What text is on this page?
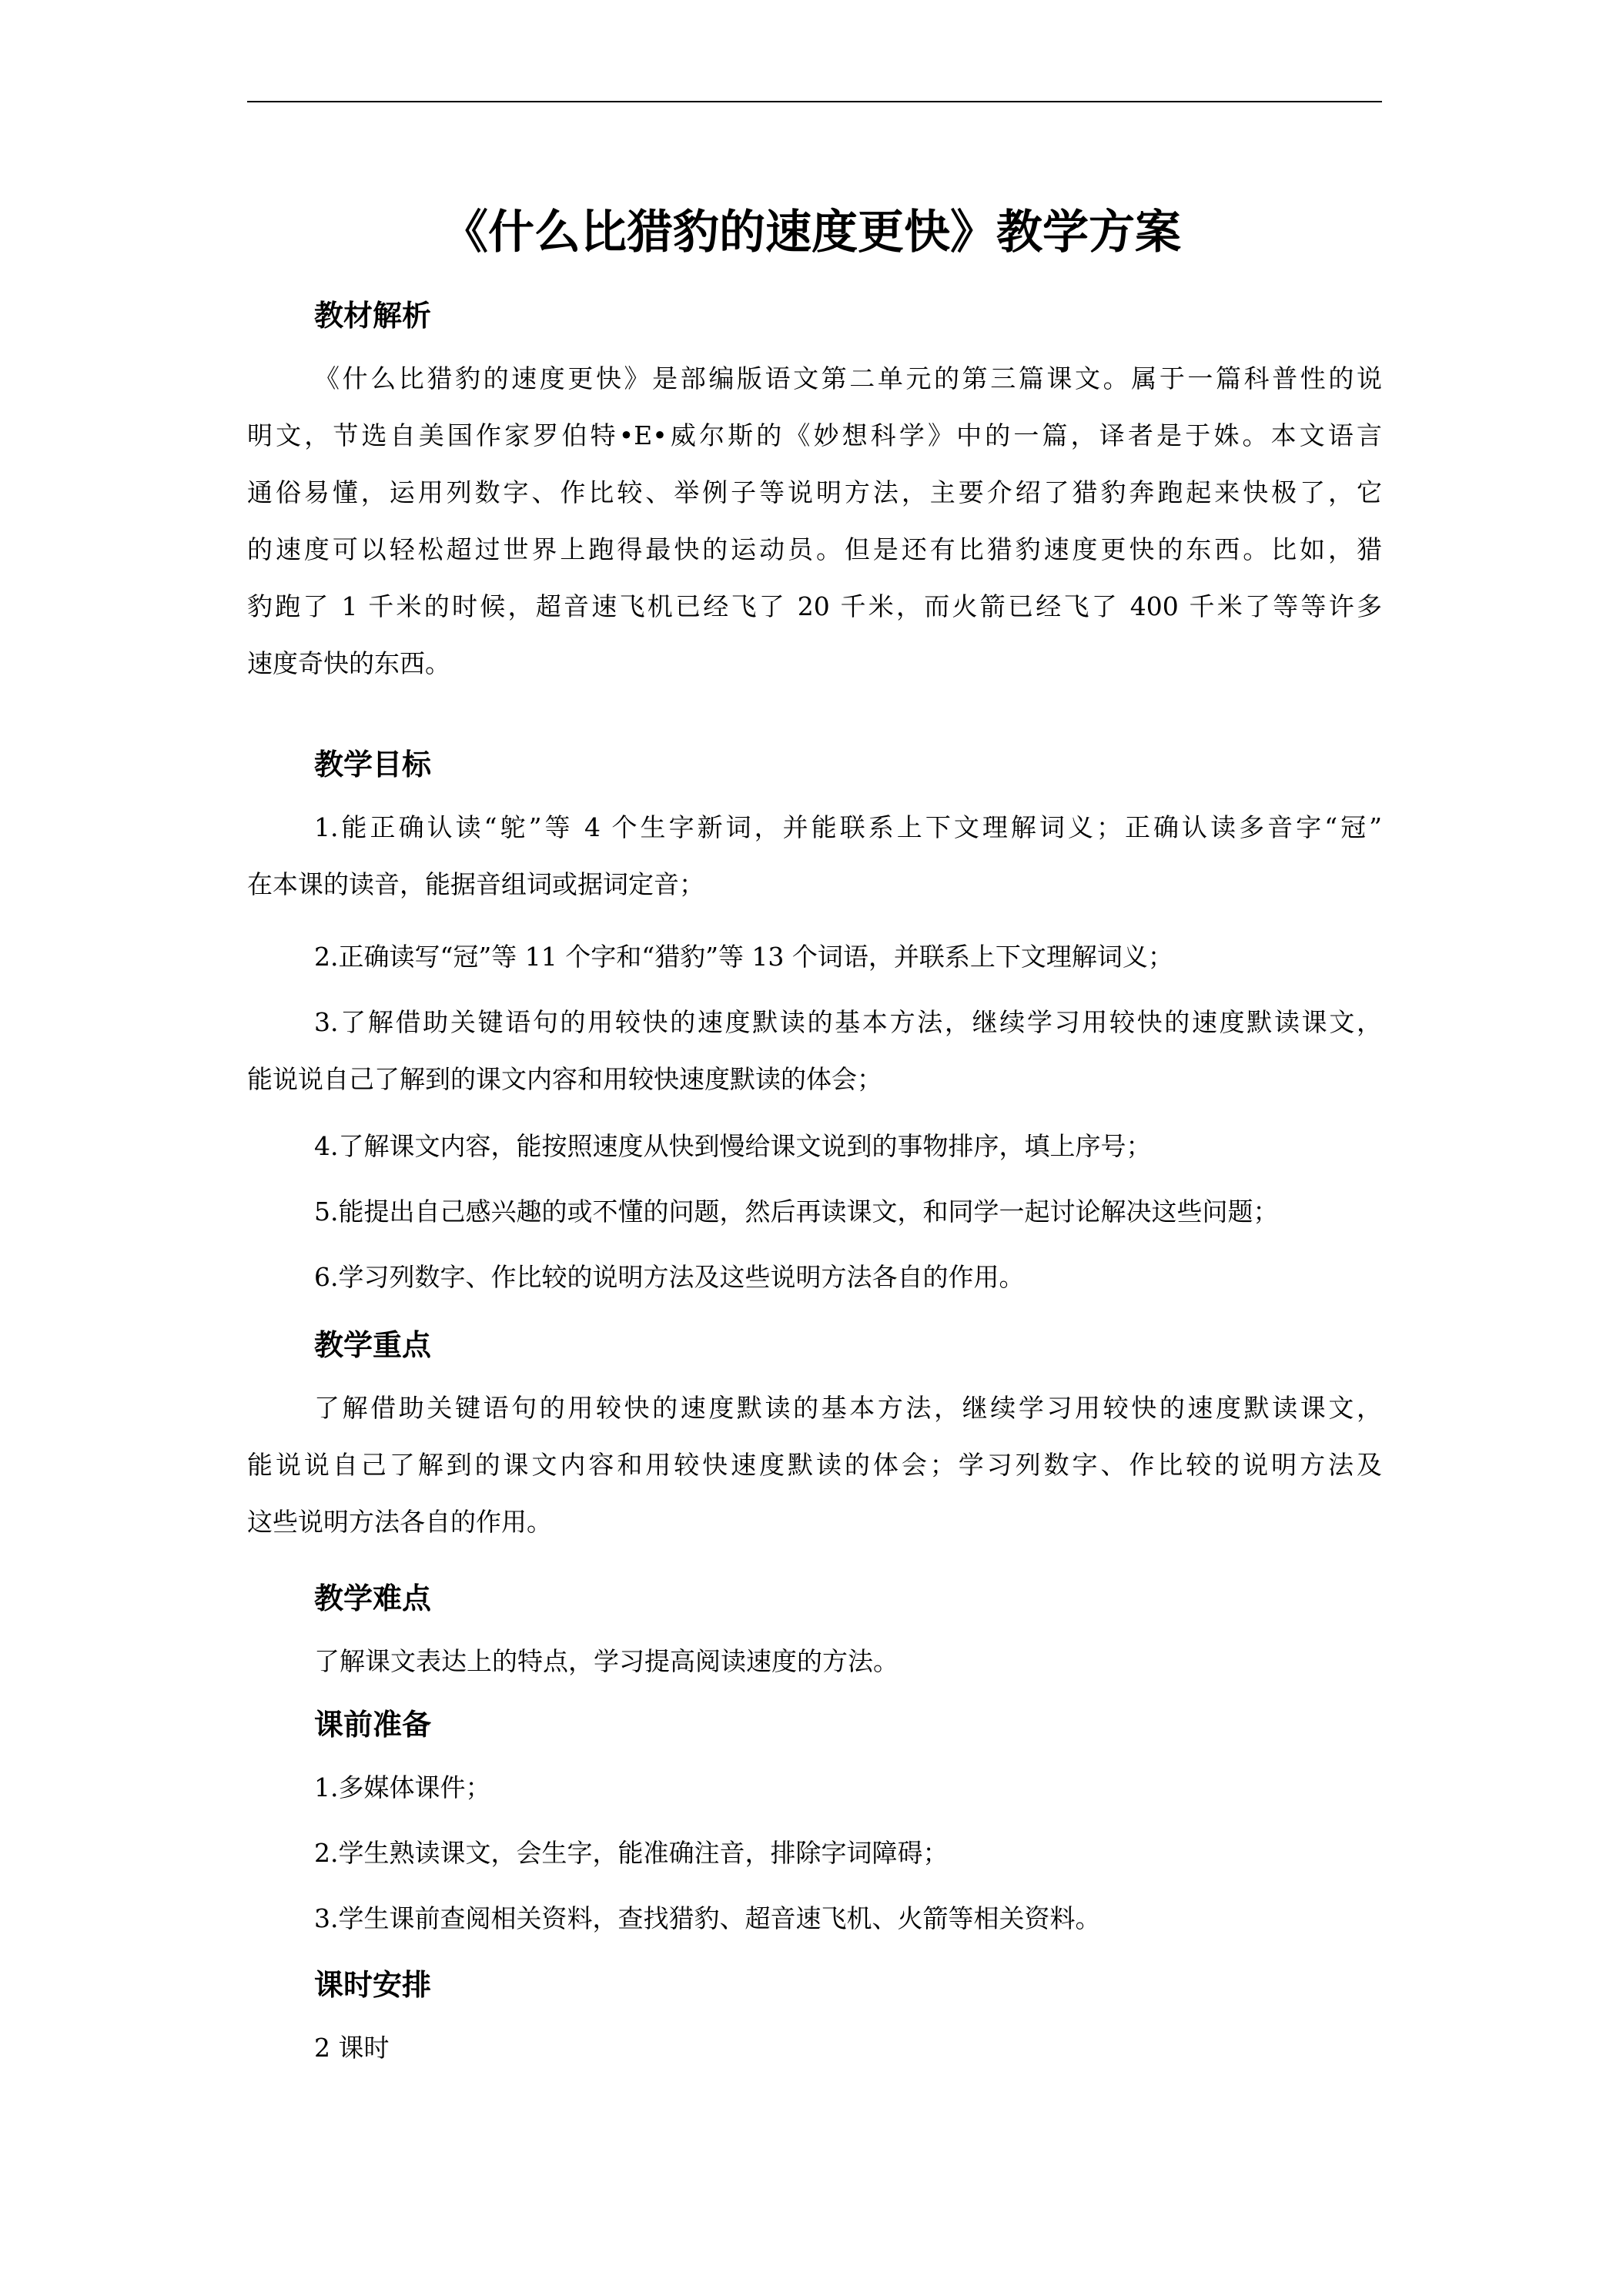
《什么比猎豹的速度更快》教学方案
教材解析
《什么比猎豹的速度更快》是部编版语文第二单元的第三篇课文。属于一篇科普性的说
明文，节选自美国作家罗伯特•E•威尔斯的《妙想科学》中的一篇，译者是于姝。本文语言
通俗易懂，运用列数字、作比较、举例子等说明方法，主要介绍了猎豹奔跑起来快极了，它
的速度可以轻松超过世界上跑得最快的运动员。但是还有比猎豹速度更快的东西。比如，猎
豹跑了 1 千米的时候，超音速飞机已经飞了 20 千米，而火箭已经飞了 400 千米了等等许多
速度奇快的东西。
教学目标
1.能正确认读“鸵”等 4 个生字新词，并能联系上下文理解词义；正确认读多音字“冠”
在本课的读音，能据音组词或据词定音；
2.正确读写“冠”等 11 个字和“猎豹”等 13 个词语，并联系上下文理解词义；
3.了解借助关键语句的用较快的速度默读的基本方法，继续学习用较快的速度默读课文，
能说说自己了解到的课文内容和用较快速度默读的体会；
4.了解课文内容，能按照速度从快到慢给课文说到的事物排序，填上序号；
5.能提出自己感兴趣的或不懂的问题，然后再读课文，和同学一起讨论解决这些问题；
6.学习列数字、作比较的说明方法及这些说明方法各自的作用。
教学重点
了解借助关键语句的用较快的速度默读的基本方法，继续学习用较快的速度默读课文，
能说说自己了解到的课文内容和用较快速度默读的体会；学习列数字、作比较的说明方法及
这些说明方法各自的作用。
教学难点
了解课文表达上的特点，学习提高阅读速度的方法。
课前准备
1.多媒体课件；
2.学生熟读课文，会生字，能准确注音，排除字词障碍；
3.学生课前查阅相关资料，查找猎豹、超音速飞机、火箭等相关资料。
课时安排
2 课时
